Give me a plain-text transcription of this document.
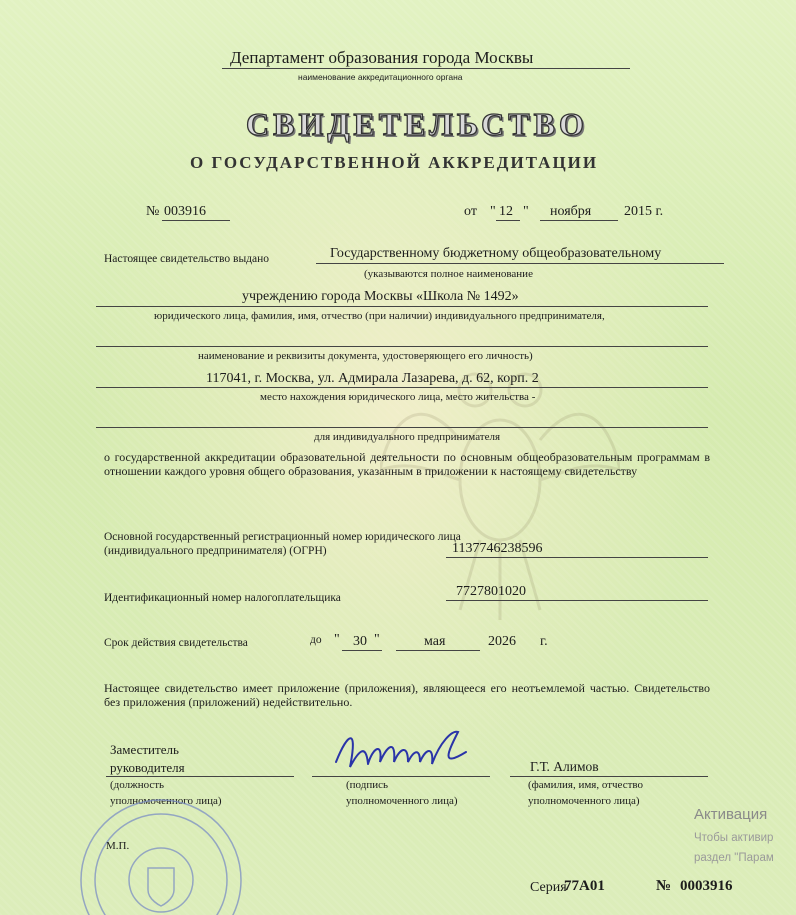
Департамент образования города Москвы
наименование аккредитационного органа
СВИДЕТЕЛЬСТВО
О ГОСУДАРСТВЕННОЙ АККРЕДИТАЦИИ
№ 003916	от " 12 " ноября 2015 г.
Настоящее свидетельство выдано	Государственному бюджетному общеобразовательному
(указываются полное наименование
учреждению города Москвы «Школа № 1492»
юридического лица, фамилия, имя, отчество (при наличии) индивидуального предпринимателя,
наименование и реквизиты документа, удостоверяющего его личность)
117041, г. Москва, ул. Адмирала Лазарева, д. 62, корп. 2
место нахождения юридического лица, место жительства -
для индивидуального предпринимателя
о государственной аккредитации образовательной деятельности по основным общеобразовательным программам в отношении каждого уровня общего образования, указанным в приложении к настоящему свидетельству
Основной государственный регистрационный номер юридического лица
(индивидуального предпринимателя) (ОГРН)	1137746238596
Идентификационный номер налогоплательщика	7727801020
Срок действия свидетельства	до " 30 "	мая	2026 г.
Настоящее свидетельство имеет приложение (приложения), являющееся его неотъемлемой частью. Свидетельство без приложения (приложений) недействительно.
Заместитель
руководителя
(должность
уполномоченного лица)
(подпись
уполномоченного лица)
Г.Т. Алимов
(фамилия, имя, отчество
уполномоченного лица)
М.П.
Серия
77А01	№ 0003916
Активация
Чтобы активир
раздел "Парам
